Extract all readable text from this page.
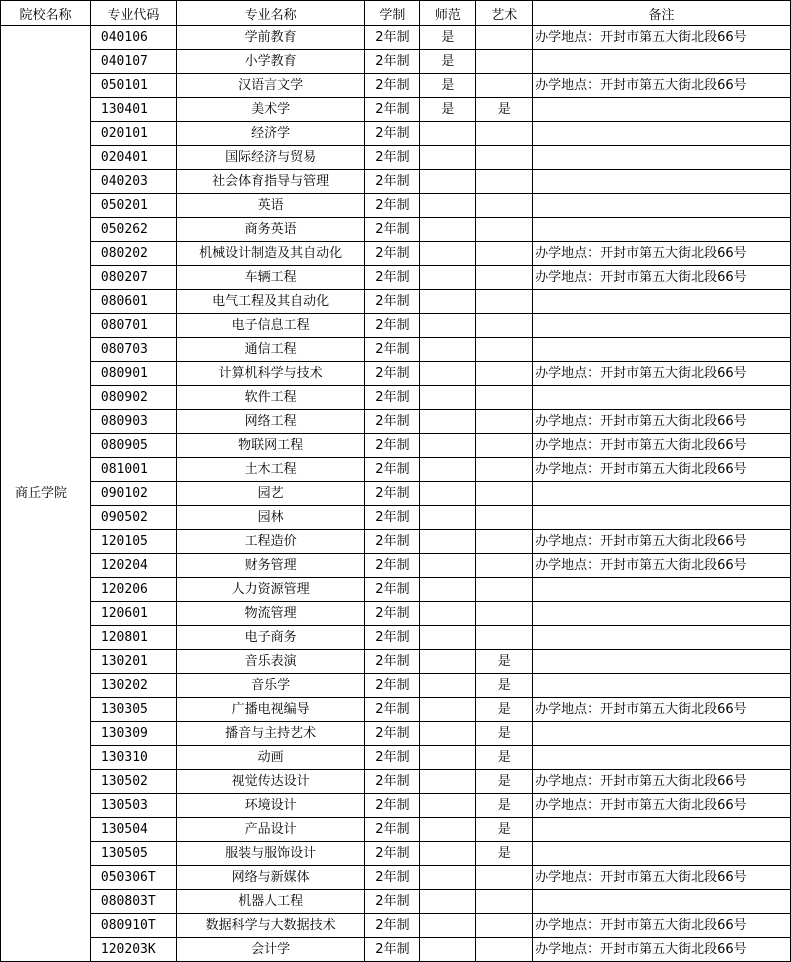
院校名称	专业代码	专业名称	学制	师范	艺术	备注
商丘学院	040106	学前教育	2年制	是		办学地点：开封市第五大街北段66号
	040107	小学教育	2年制	是		
	050101	汉语言文学	2年制	是		办学地点：开封市第五大街北段66号
	130401	美术学	2年制	是	是	
	020101	经济学	2年制			
	020401	国际经济与贸易	2年制			
	040203	社会体育指导与管理	2年制			
	050201	英语	2年制			
	050262	商务英语	2年制			
	080202	机械设计制造及其自动化	2年制			办学地点：开封市第五大街北段66号
	080207	车辆工程	2年制			办学地点：开封市第五大街北段66号
	080601	电气工程及其自动化	2年制			
	080701	电子信息工程	2年制			
	080703	通信工程	2年制			
	080901	计算机科学与技术	2年制			办学地点：开封市第五大街北段66号
	080902	软件工程	2年制			
	080903	网络工程	2年制			办学地点：开封市第五大街北段66号
	080905	物联网工程	2年制			办学地点：开封市第五大街北段66号
	081001	土木工程	2年制			办学地点：开封市第五大街北段66号
	090102	园艺	2年制			
	090502	园林	2年制			
	120105	工程造价	2年制			办学地点：开封市第五大街北段66号
	120204	财务管理	2年制			办学地点：开封市第五大街北段66号
	120206	人力资源管理	2年制			
	120601	物流管理	2年制			
	120801	电子商务	2年制			
	130201	音乐表演	2年制		是	
	130202	音乐学	2年制		是	
	130305	广播电视编导	2年制		是	办学地点：开封市第五大街北段66号
	130309	播音与主持艺术	2年制		是	
	130310	动画	2年制		是	
	130502	视觉传达设计	2年制		是	办学地点：开封市第五大街北段66号
	130503	环境设计	2年制		是	办学地点：开封市第五大街北段66号
	130504	产品设计	2年制		是	
	130505	服装与服饰设计	2年制		是	
	050306T	网络与新媒体	2年制			办学地点：开封市第五大街北段66号
	080803T	机器人工程	2年制			
	080910T	数据科学与大数据技术	2年制			办学地点：开封市第五大街北段66号
	120203K	会计学	2年制			办学地点：开封市第五大街北段66号
